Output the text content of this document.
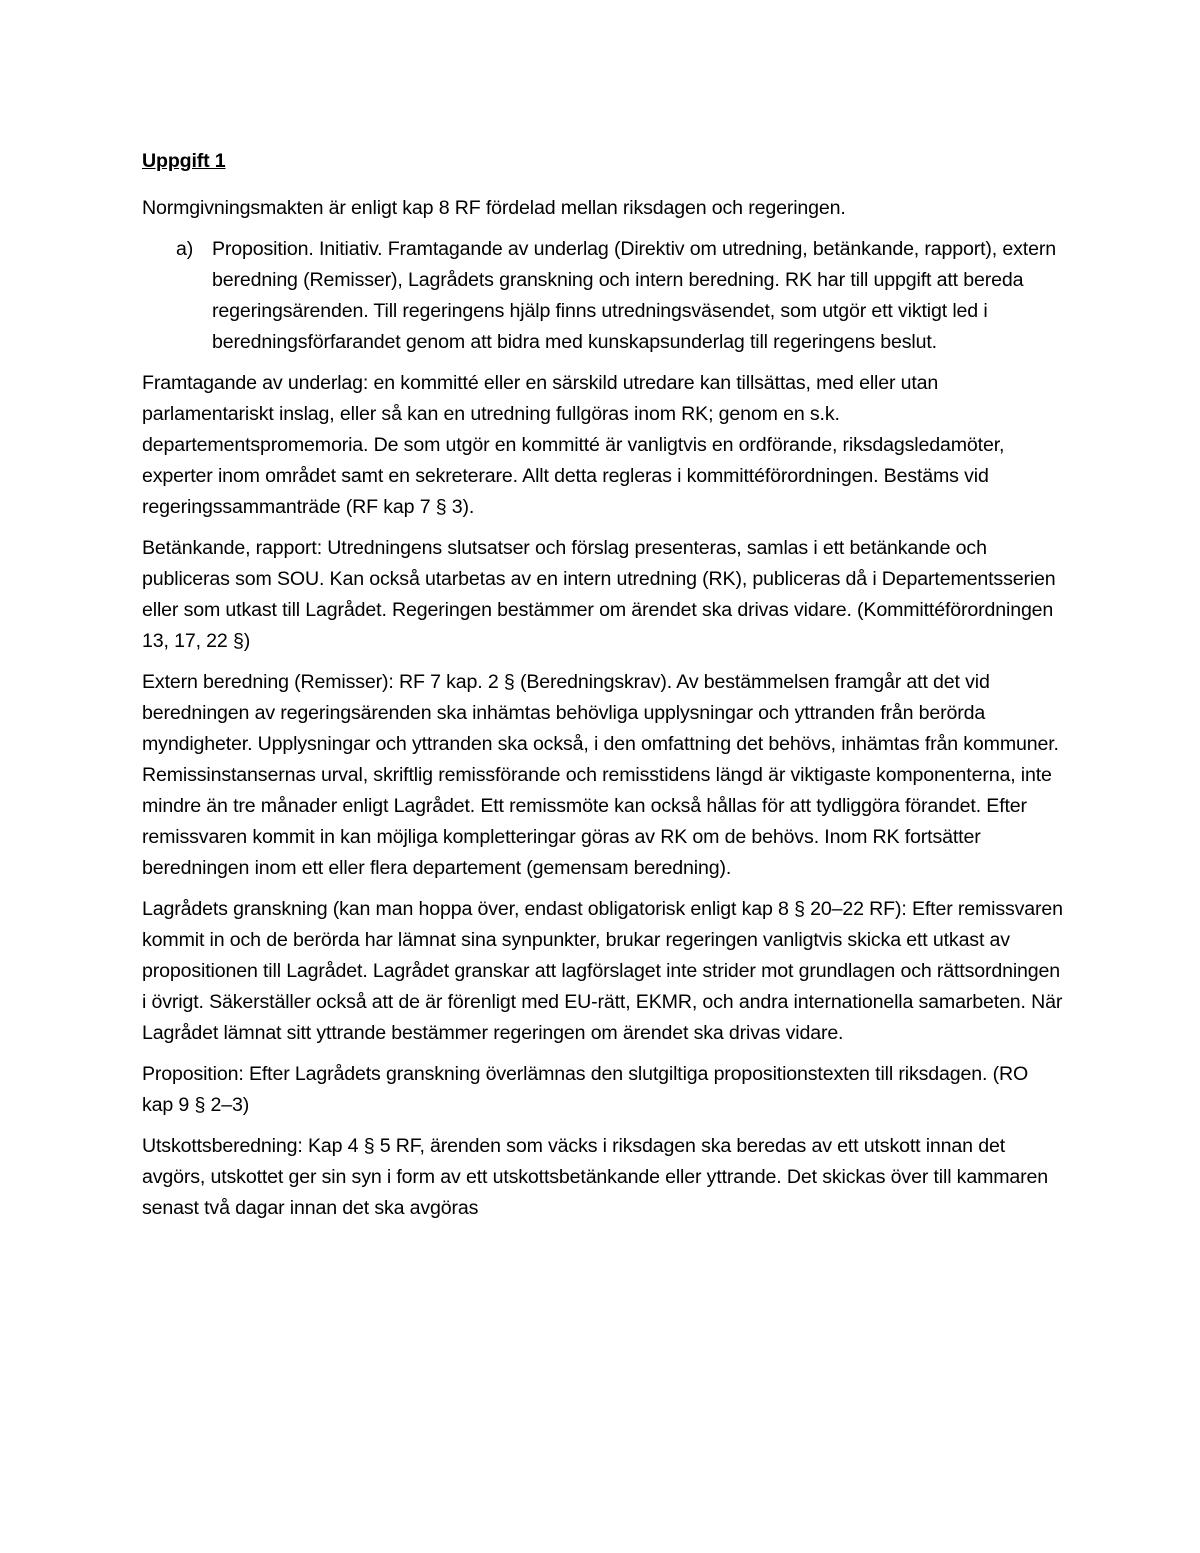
Uppgift 1

Normgivningsmakten är enligt kap 8 RF fördelad mellan riksdagen och regeringen.

a) Proposition. Initiativ. Framtagande av underlag (Direktiv om utredning, betänkande, rapport), extern beredning (Remisser), Lagrådets granskning och intern beredning. RK har till uppgift att bereda regeringsärenden. Till regeringens hjälp finns utredningsväsendet, som utgör ett viktigt led i beredningsförfarandet genom att bidra med kunskapsunderlag till regeringens beslut.

Framtagande av underlag: en kommitté eller en särskild utredare kan tillsättas, med eller utan parlamentariskt inslag, eller så kan en utredning fullgöras inom RK; genom en s.k. departementspromemoria. De som utgör en kommitté är vanligtvis en ordförande, riksdagsledamöter, experter inom området samt en sekreterare. Allt detta regleras i kommittéförordningen. Bestäms vid regeringssammanträde (RF kap 7 § 3).

Betänkande, rapport: Utredningens slutsatser och förslag presenteras, samlas i ett betänkande och publiceras som SOU. Kan också utarbetas av en intern utredning (RK), publiceras då i Departementsserien eller som utkast till Lagrådet. Regeringen bestämmer om ärendet ska drivas vidare. (Kommittéförordningen 13, 17, 22 §)

Extern beredning (Remisser): RF 7 kap. 2 § (Beredningskrav). Av bestämmelsen framgår att det vid beredningen av regeringsärenden ska inhämtas behövliga upplysningar och yttranden från berörda myndigheter. Upplysningar och yttranden ska också, i den omfattning det behövs, inhämtas från kommuner. Remissinstansernas urval, skriftlig remissförande och remisstidens längd är viktigaste komponenterna, inte mindre än tre månader enligt Lagrådet. Ett remissmöte kan också hållas för att tydliggöra förandet. Efter remissvaren kommit in kan möjliga kompletteringar göras av RK om de behövs. Inom RK fortsätter beredningen inom ett eller flera departement (gemensam beredning).

Lagrådets granskning (kan man hoppa över, endast obligatorisk enligt kap 8 § 20–22 RF): Efter remissvaren kommit in och de berörda har lämnat sina synpunkter, brukar regeringen vanligtvis skicka ett utkast av propositionen till Lagrådet. Lagrådet granskar att lagförslaget inte strider mot grundlagen och rättsordningen i övrigt. Säkerställer också att de är förenligt med EU-rätt, EKMR, och andra internationella samarbeten. När Lagrådet lämnat sitt yttrande bestämmer regeringen om ärendet ska drivas vidare.

Proposition: Efter Lagrådets granskning överlämnas den slutgiltiga propositionstexten till riksdagen. (RO kap 9 § 2–3)

Utskottsberedning: Kap 4 § 5 RF, ärenden som väcks i riksdagen ska beredas av ett utskott innan det avgörs, utskottet ger sin syn i form av ett utskottsbetänkande eller yttrande. Det skickas över till kammaren senast två dagar innan det ska avgöras
